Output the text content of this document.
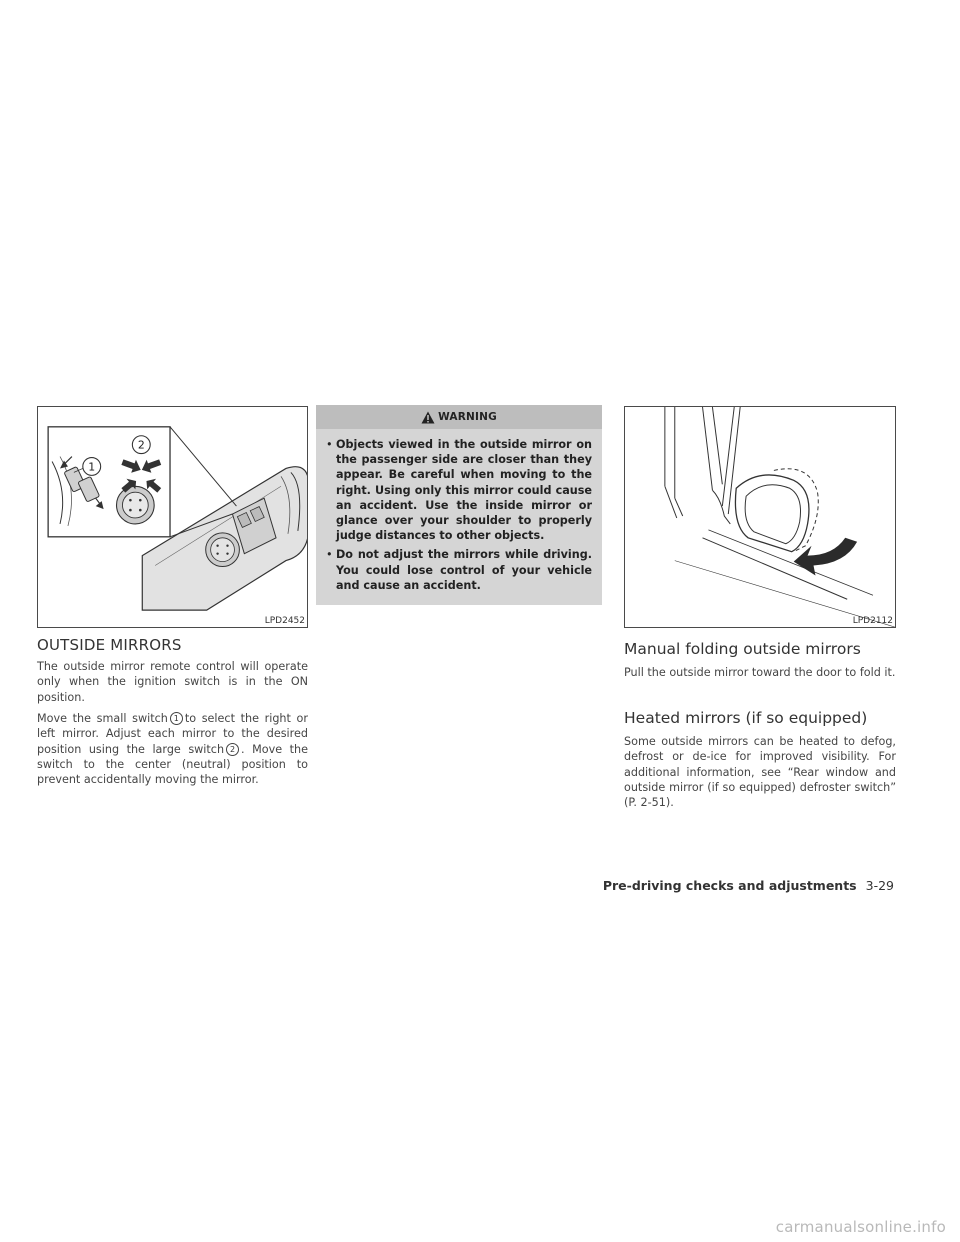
1
2
LPD2452	LPD2112
OUTSIDE MIRRORS

The outside mirror remote control will operate only when the ignition switch is in the ON position.

Move the small switch 1 to select the right or left mirror. Adjust each mirror to the desired position using the large switch 2 . Move the switch to the center (neutral) position to prevent accidentally moving the mirror.

WARNING
• Objects viewed in the outside mirror on the passenger side are closer than they appear. Be careful when moving to the right. Using only this mirror could cause an accident. Use the inside mirror or glance over your shoulder to properly judge distances to other objects.
• Do not adjust the mirrors while driving. You could lose control of your vehicle and cause an accident.
Manual folding outside mirrors

Pull the outside mirror toward the door to fold it.

Heated mirrors (if so equipped)

Some outside mirrors can be heated to defog, defrost or de-ice for improved visibility. For additional information, see “Rear window and outside mirror (if so equipped) defroster switch” (P. 2-51).

Pre-driving checks and adjustments 3-29
carmanualsonline.info
